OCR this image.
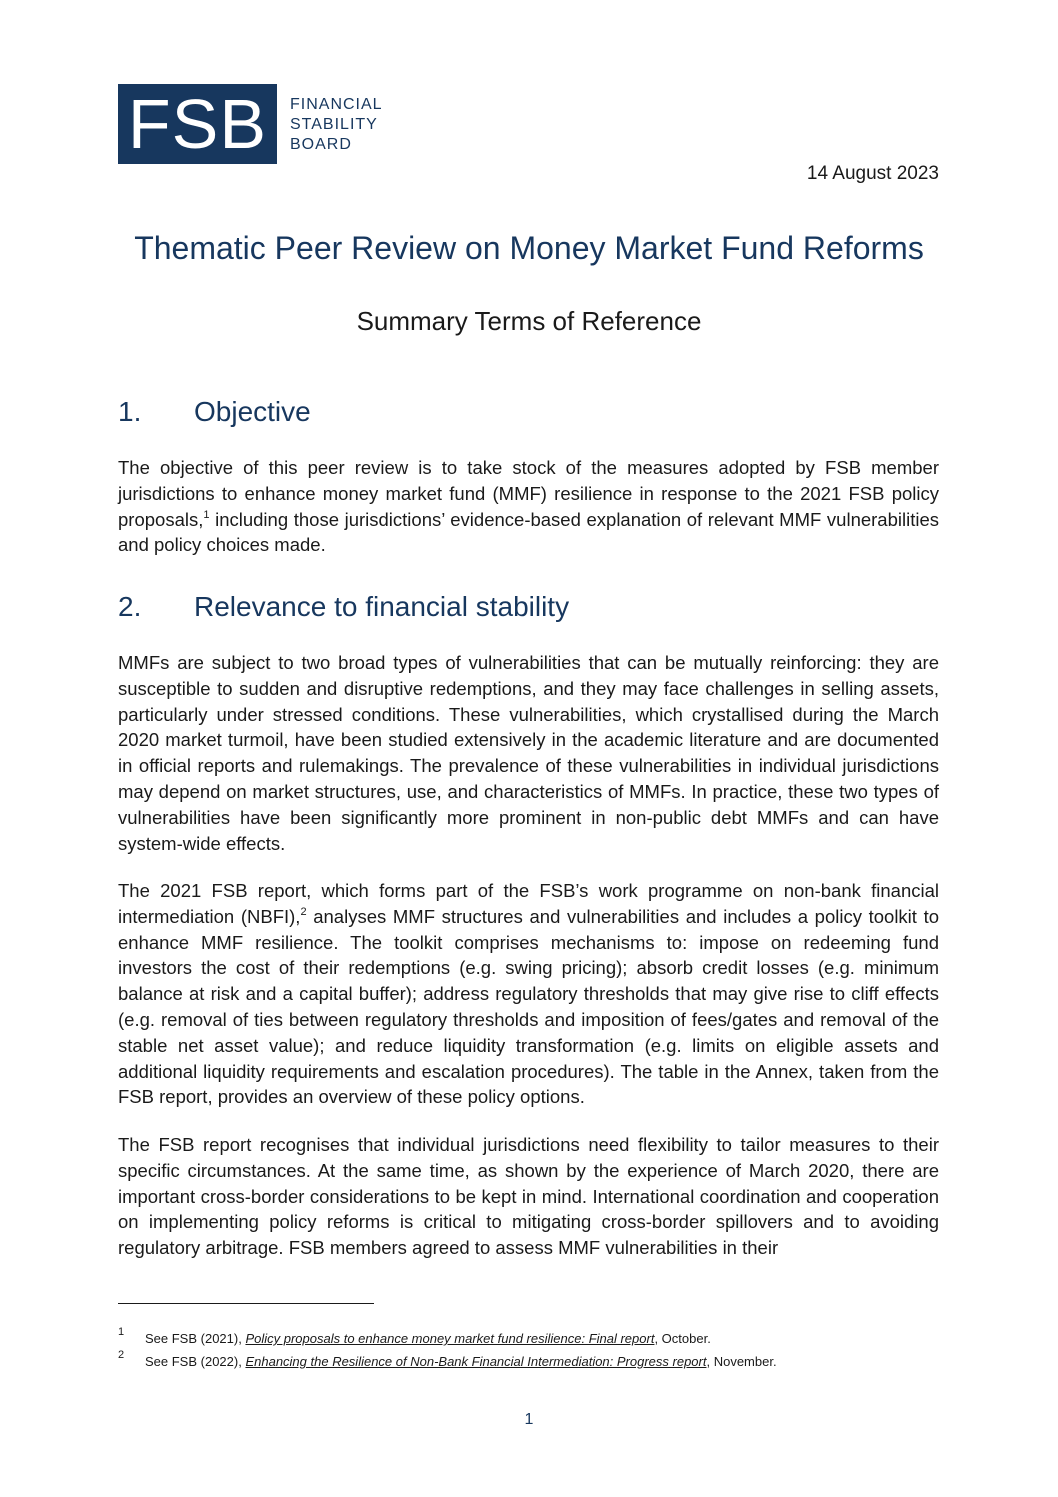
FSB	FINANCIAL
STABILITY
BOARD
14 August 2023
Thematic Peer Review on Money Market Fund Reforms
Summary Terms of Reference
1.	Objective

The objective of this peer review is to take stock of the measures adopted by FSB member jurisdictions to enhance money market fund (MMF) resilience in response to the 2021 FSB policy proposals,$^1$ including those jurisdictions’ evidence-based explanation of relevant MMF vulnerabilities and policy choices made.

2.	Relevance to financial stability

MMFs are subject to two broad types of vulnerabilities that can be mutually reinforcing: they are susceptible to sudden and disruptive redemptions, and they may face challenges in selling assets, particularly under stressed conditions. These vulnerabilities, which crystallised during the March 2020 market turmoil, have been studied extensively in the academic literature and are documented in official reports and rulemakings. The prevalence of these vulnerabilities in individual jurisdictions may depend on market structures, use, and characteristics of MMFs. In practice, these two types of vulnerabilities have been significantly more prominent in non-public debt MMFs and can have system-wide effects.

The 2021 FSB report, which forms part of the FSB’s work programme on non-bank financial intermediation (NBFI),$^2$ analyses MMF structures and vulnerabilities and includes a policy toolkit to enhance MMF resilience. The toolkit comprises mechanisms to: impose on redeeming fund investors the cost of their redemptions (e.g. swing pricing); absorb credit losses (e.g. minimum balance at risk and a capital buffer); address regulatory thresholds that may give rise to cliff effects (e.g. removal of ties between regulatory thresholds and imposition of fees/gates and removal of the stable net asset value); and reduce liquidity transformation (e.g. limits on eligible assets and additional liquidity requirements and escalation procedures). The table in the Annex, taken from the FSB report, provides an overview of these policy options.

The FSB report recognises that individual jurisdictions need flexibility to tailor measures to their specific circumstances. At the same time, as shown by the experience of March 2020, there are important cross-border considerations to be kept in mind. International coordination and cooperation on implementing policy reforms is critical to mitigating cross-border spillovers and to avoiding regulatory arbitrage. FSB members agreed to assess MMF vulnerabilities in their

1	See FSB (2021), Policy proposals to enhance money market fund resilience: Final report, October.
2	See FSB (2022), Enhancing the Resilience of Non-Bank Financial Intermediation: Progress report, November.
1
